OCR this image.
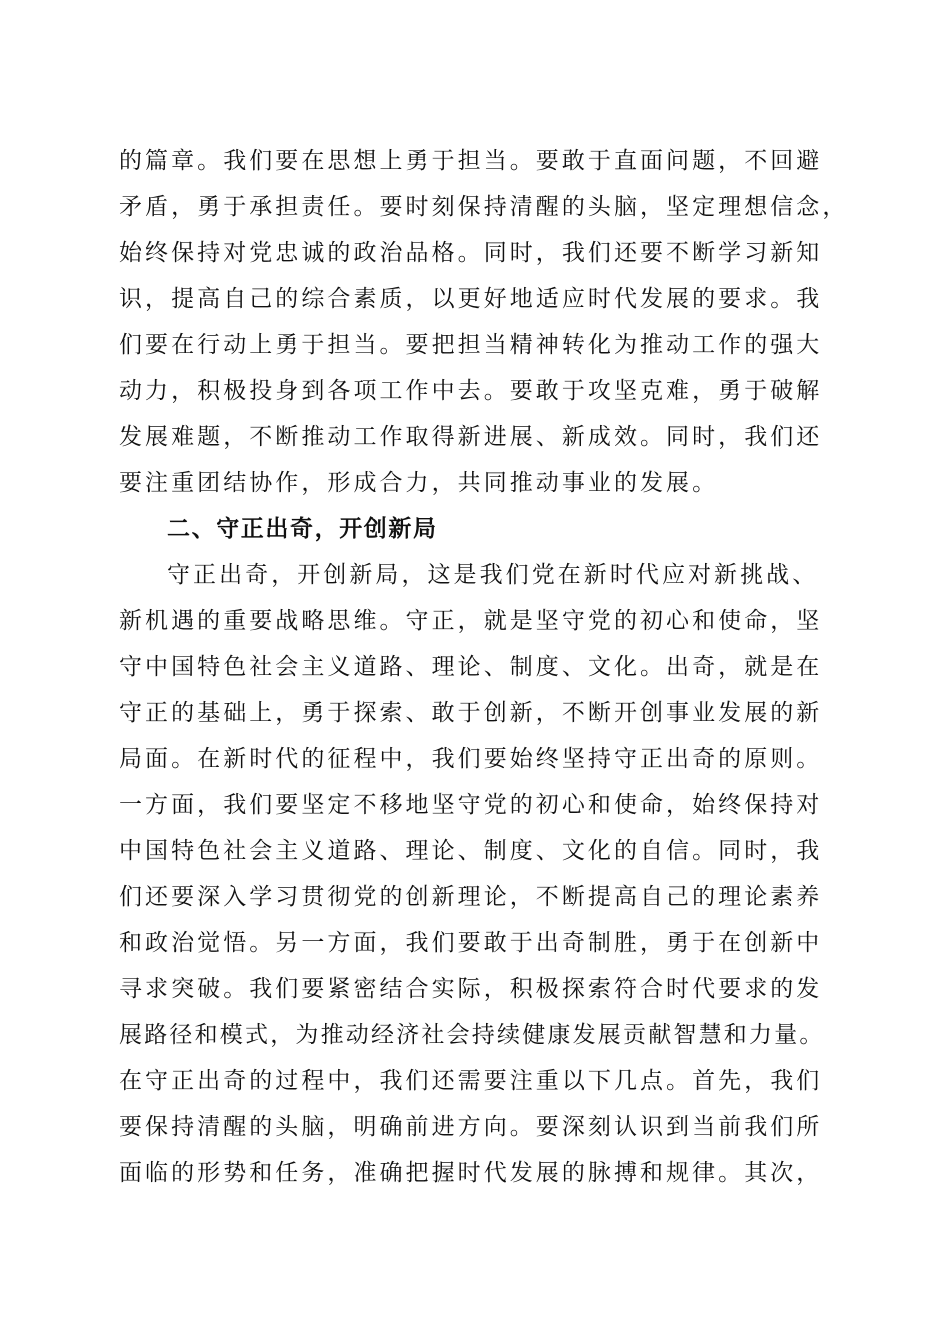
的篇章。我们要在思想上勇于担当。要敢于直面问题，不回避
矛盾，勇于承担责任。要时刻保持清醒的头脑，坚定理想信念，
始终保持对党忠诚的政治品格。同时，我们还要不断学习新知
识，提高自己的综合素质，以更好地适应时代发展的要求。我
们要在行动上勇于担当。要把担当精神转化为推动工作的强大
动力，积极投身到各项工作中去。要敢于攻坚克难，勇于破解
发展难题，不断推动工作取得新进展、新成效。同时，我们还
要注重团结协作，形成合力，共同推动事业的发展。
二、守正出奇，开创新局
守正出奇，开创新局，这是我们党在新时代应对新挑战、
新机遇的重要战略思维。守正，就是坚守党的初心和使命，坚
守中国特色社会主义道路、理论、制度、文化。出奇，就是在
守正的基础上，勇于探索、敢于创新，不断开创事业发展的新
局面。在新时代的征程中，我们要始终坚持守正出奇的原则。
一方面，我们要坚定不移地坚守党的初心和使命，始终保持对
中国特色社会主义道路、理论、制度、文化的自信。同时，我
们还要深入学习贯彻党的创新理论，不断提高自己的理论素养
和政治觉悟。另一方面，我们要敢于出奇制胜，勇于在创新中
寻求突破。我们要紧密结合实际，积极探索符合时代要求的发
展路径和模式，为推动经济社会持续健康发展贡献智慧和力量。
在守正出奇的过程中，我们还需要注重以下几点。首先，我们
要保持清醒的头脑，明确前进方向。要深刻认识到当前我们所
面临的形势和任务，准确把握时代发展的脉搏和规律。其次，
